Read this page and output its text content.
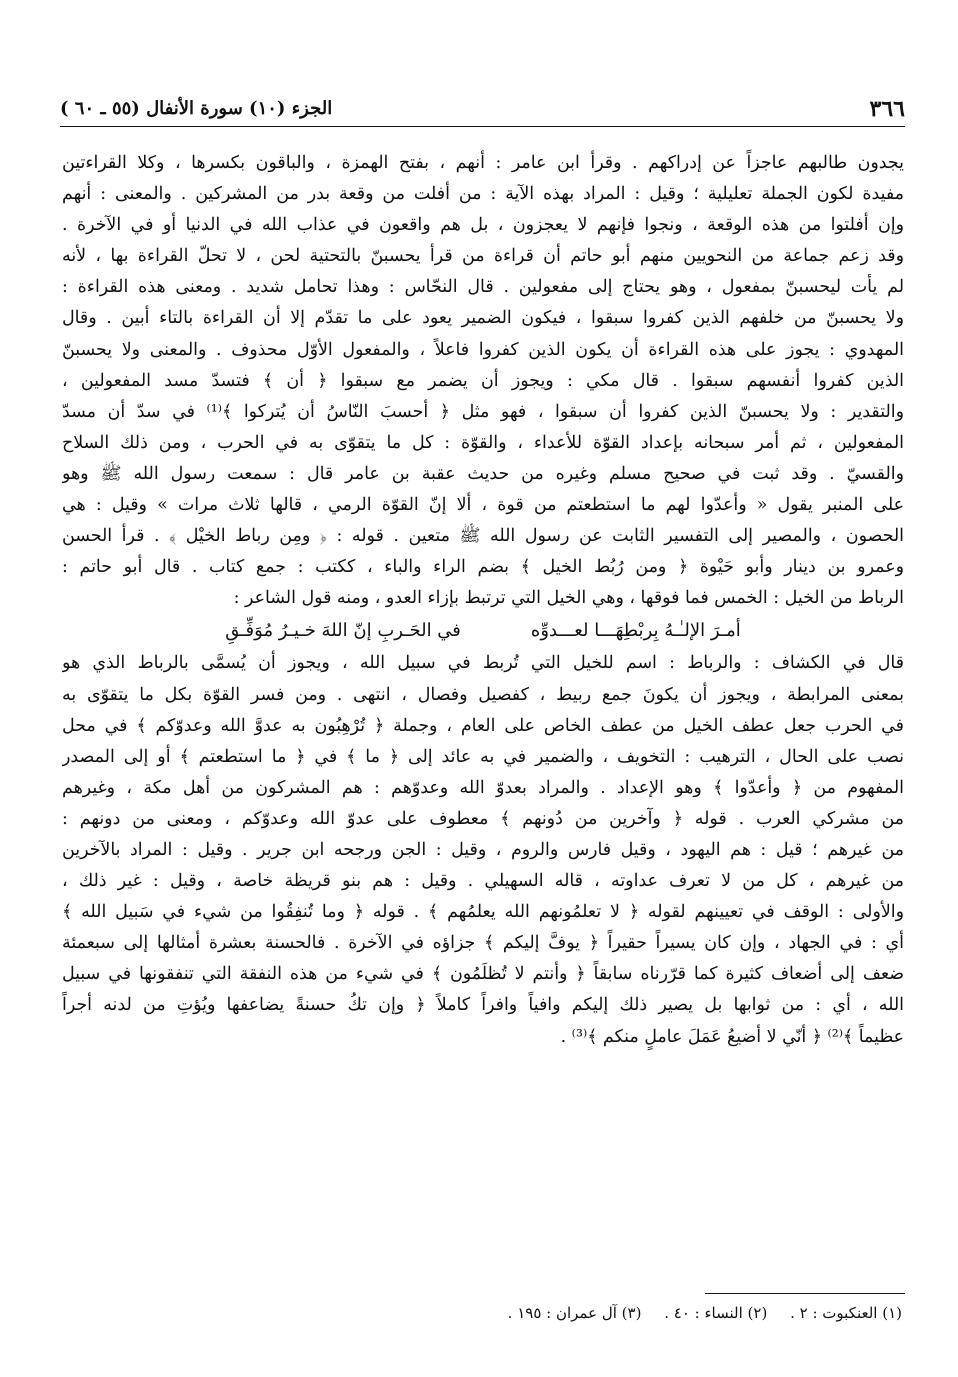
٣٦٦
الجزء (١٠) سورة الأنفال (٥٥ ـ ٦٠ )
يجدون طالبهم عاجزاً عن إدراكهم . وقرأ ابن عامر : أنهم ، بفتح الهمزة ، والباقون بكسرها ، وكلا القراءتين
مفيدة لكون الجملة تعليلية ؛ وقيل : المراد بهذه الآية : من أفلت من وقعة بدر من المشركين . والمعنى : أنهم
وإن أفلتوا من هذه الوقعة ، ونجوا فإنهم لا يعجزون ، بل هم واقعون في عذاب الله في الدنيا أو في الآخرة .
وقد زعم جماعة من النحويين منهم أبو حاتم أن قراءة من قرأ يحسبنّ بالتحتية لحن ، لا تحلّ القراءة بها ، لأنه
لم يأت ليحسبنّ بمفعول ، وهو يحتاج إلى مفعولين . قال النحّاس : وهذا تحامل شديد . ومعنى هذه القراءة :
ولا يحسبنّ من خلفهم الذين كفروا سبقوا ، فيكون الضمير يعود على ما تقدّم إلا أن القراءة بالتاء أبين . وقال
المهدوي : يجوز على هذه القراءة أن يكون الذين كفروا فاعلاً ، والمفعول الأوّل محذوف . والمعنى ولا يحسبنّ
الذين كفروا أنفسهم سبقوا . قال مكي : ويجوز أن يضمر مع سبقوا ﴿ أن ﴾ فتسدّ مسد المفعولين ،
والتقدير : ولا يحسبنّ الذين كفروا أن سبقوا ، فهو مثل ﴿ أحسبَ النّاسُ أن يُتركوا ﴾⁽¹⁾ في سدّ أن مسدّ
المفعولين ، ثم أمر سبحانه بإعداد القوّة للأعداء ، والقوّة : كل ما يتقوّى به في الحرب ، ومن ذلك السلاح
والقسيّ . وقد ثبت في صحيح مسلم وغيره من حديث عقبة بن عامر قال : سمعت رسول الله ﷺ وهو
على المنبر يقول « وأعدّوا لهم ما استطعتم من قوة ، ألا إنّ القوّة الرمي ، قالها ثلاث مرات » وقيل : هي
الحصون ، والمصير إلى التفسير الثابت عن رسول الله ﷺ متعين . قوله : ﴿ ومِن رباط الخيْل ﴾ . قرأ الحسن
وعمرو بن دينار وأبو حَيْوة ﴿ ومن رُبُط الخيل ﴾ بضم الراء والباء ، ككتب : جمع كتاب . قال أبو حاتم :
الرباط من الخيل : الخمس فما فوقها ، وهي الخيل التي ترتبط بإزاء العدو ، ومنه قول الشاعر :
أمـرَ الإلـٰـهُ بِربْطِهَـــا لعـــدوِّه
في الحَـربِ إنّ اللهَ خـيـرُ مُوَفِّـقِ
قال في الكشاف : والرباط : اسم للخيل التي تُربط في سبيل الله ، ويجوز أن يُسمَّى بالرباط الذي هو
بمعنى المرابطة ، ويجوز أن يكونَ جمع ربيط ، كفصيل وفصال ، انتهى . ومن فسر القوّة بكل ما يتقوّى به
في الحرب جعل عطف الخيل من عطف الخاص على العام ، وجملة ﴿ تُرْهِبُون به عدوَّ الله وعدوّكم ﴾ في محل
نصب على الحال ، الترهيب : التخويف ، والضمير في به عائد إلى ﴿ ما ﴾ في ﴿ ما استطعتم ﴾ أو إلى المصدر
المفهوم من ﴿ وأعدّوا ﴾ وهو الإعداد . والمراد بعدوّ الله وعدوّهم : هم المشركون من أهل مكة ، وغيرهم
من مشركي العرب . قوله ﴿ وآخرين من دُونهم ﴾ معطوف على عدوّ الله وعدوّكم ، ومعنى من دونهم :
من غيرهم ؛ قيل : هم اليهود ، وقيل فارس والروم ، وقيل : الجن ورجحه ابن جرير . وقيل : المراد بالآخرين
من غيرهم ، كل من لا تعرف عداوته ، قاله السهيلي . وقيل : هم بنو قريظة خاصة ، وقيل : غير ذلك ،
والأولى : الوقف في تعيينهم لقوله ﴿ لا تعلمُونهم الله يعلمُهم ﴾ . قوله ﴿ وما تُنفِقُوا من شيء في سَبيل الله ﴾
أي : في الجهاد ، وإن كان يسيراً حقيراً ﴿ يوفَّ إليكم ﴾ جزاؤه في الآخرة . فالحسنة بعشرة أمثالها إلى سبعمئة
ضعف إلى أضعاف كثيرة كما قرّرناه سابقاً ﴿ وأنتم لا تُظلَمُون ﴾ في شيء من هذه النفقة التي تنفقونها في سبيل
الله ، أي : من ثوابها بل يصير ذلك إليكم وافياً وافراً كاملاً ﴿ وإن تكُ حسنةً يضاعفها ويُؤتِ من لدنه أجراً
عظيماً ﴾⁽²⁾ ﴿ أنّي لا أضيعُ عَمَلَ عاملٍ منكم ﴾⁽³⁾ .
(١) العنكبوت : ٢ . (٢) النساء : ٤٠ . (٣) آل عمران : ١٩٥ .
